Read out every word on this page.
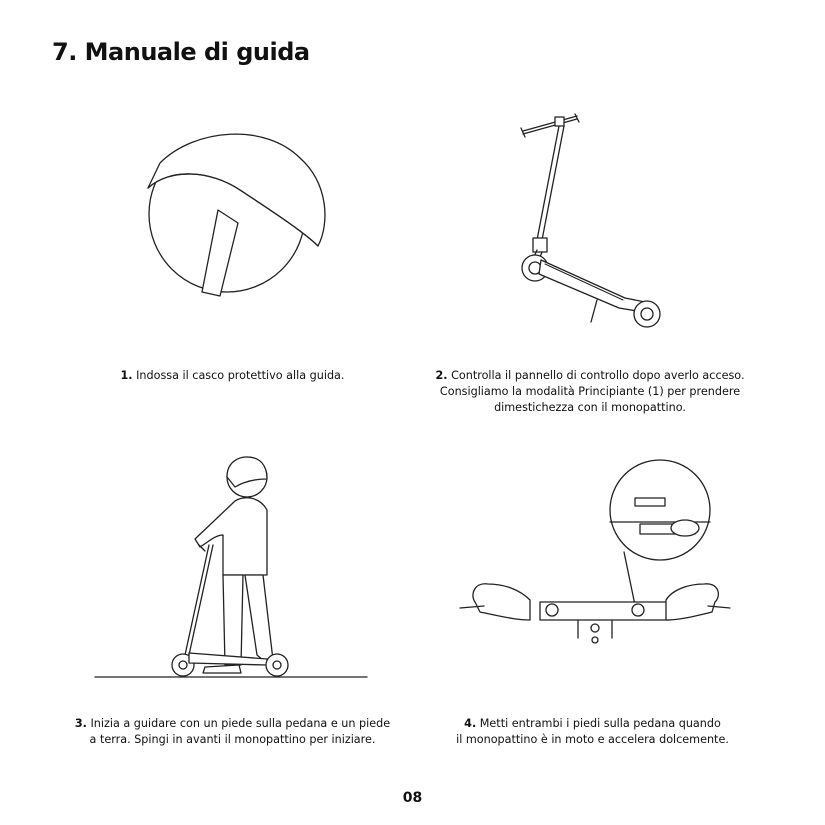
7. Manuale di guida
1. Indossa il casco protettivo alla guida.	2. Controlla il pannello di controllo dopo averlo acceso.
Consigliamo la modalità Principiante (1) per prendere
dimestichezza con il monopattino.
3. Inizia a guidare con un piede sulla pedana e un piede
a terra. Spingi in avanti il monopattino per iniziare.
4. Metti entrambi i piedi sulla pedana quando
il monopattino è in moto e accelera dolcemente.
08
